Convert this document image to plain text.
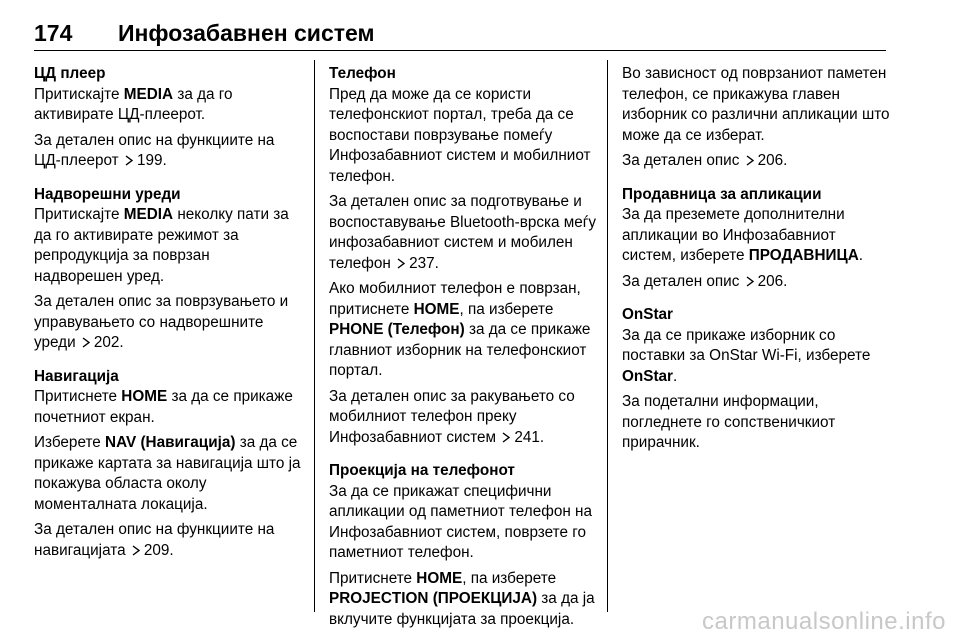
174 Инфозабавнен систем
ЦД плеер
Притискајте MEDIA за да го активирате ЦД-плеерот.
За детален опис на функциите на ЦД-плеерот 199.
Надворешни уреди
Притискајте MEDIA неколку пати за да го активирате режимот за репродукција за поврзан надворешен уред.
За детален опис за поврзувањето и управувањето со надворешните уреди 202.
Навигација
Притиснете HOME за да се прикаже почетниот екран.
Изберете NAV (Навигација) за да се прикаже картата за навигација што ја покажува областа околу моменталната локација.
За детален опис на функциите на навигацијата 209.
Телефон
Пред да може да се користи телефонскиот портал, треба да се воспостави поврзување помеѓу Инфозабавниот систем и мобилниот телефон.
За детален опис за подготвување и воспоставување Bluetooth-врска меѓу инфозабавниот систем и мобилен телефон 237.
Ако мобилниот телефон е поврзан, притиснете HOME, па изберете PHONE (Телефон) за да се прикаже главниот изборник на телефонскиот портал.
За детален опис за ракувањето со мобилниот телефон преку Инфозабавниот систем 241.
Проекција на телефонот
За да се прикажат специфични апликации од паметниот телефон на Инфозабавниот систем, поврзете го паметниот телефон.
Притиснете HOME, па изберете PROJECTION (ПРОЕКЦИЈА) за да ја вклучите функцијата за проекција.
Во зависност од поврзаниот паметен телефон, се прикажува главен изборник со различни апликации што може да се изберат.
За детален опис 206.
Продавница за апликации
За да преземете дополнителни апликации во Инфозабавниот систем, изберете ПРОДАВНИЦА.
За детален опис 206.
OnStar
За да се прикаже изборник со поставки за OnStar Wi-Fi, изберете OnStar.
За подетални информации, погледнете го сопственичкиот прирачник.
carmanualsonline.info
